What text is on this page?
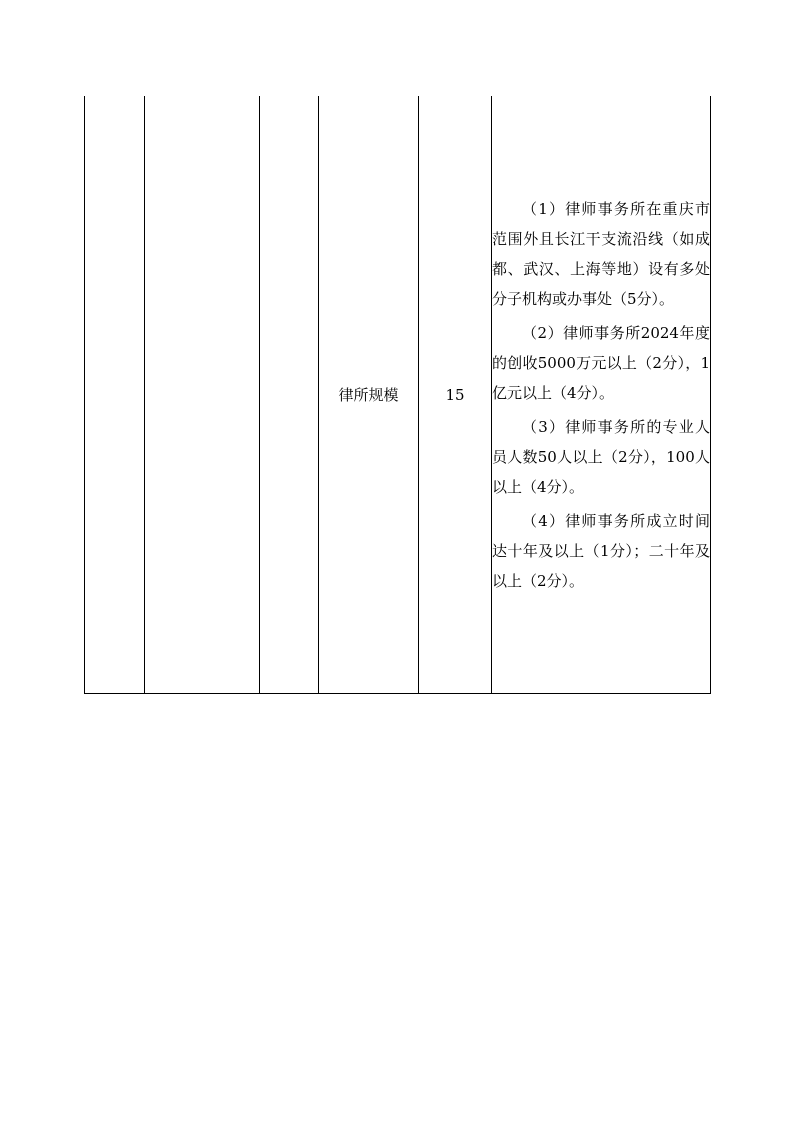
			律所规模	15	

（1）律师事务所在重庆市范围外且长江干支流沿线（如成都、武汉、上海等地）设有多处分子机构或办事处（5分）。

（2）律师事务所2024年度的创收5000万元以上（2分），1亿元以上（4分）。

（3）律师事务所的专业人员人数50人以上（2分），100人以上（4分）。

（4）律师事务所成立时间达十年及以上（1分）；二十年及以上（2分）。
